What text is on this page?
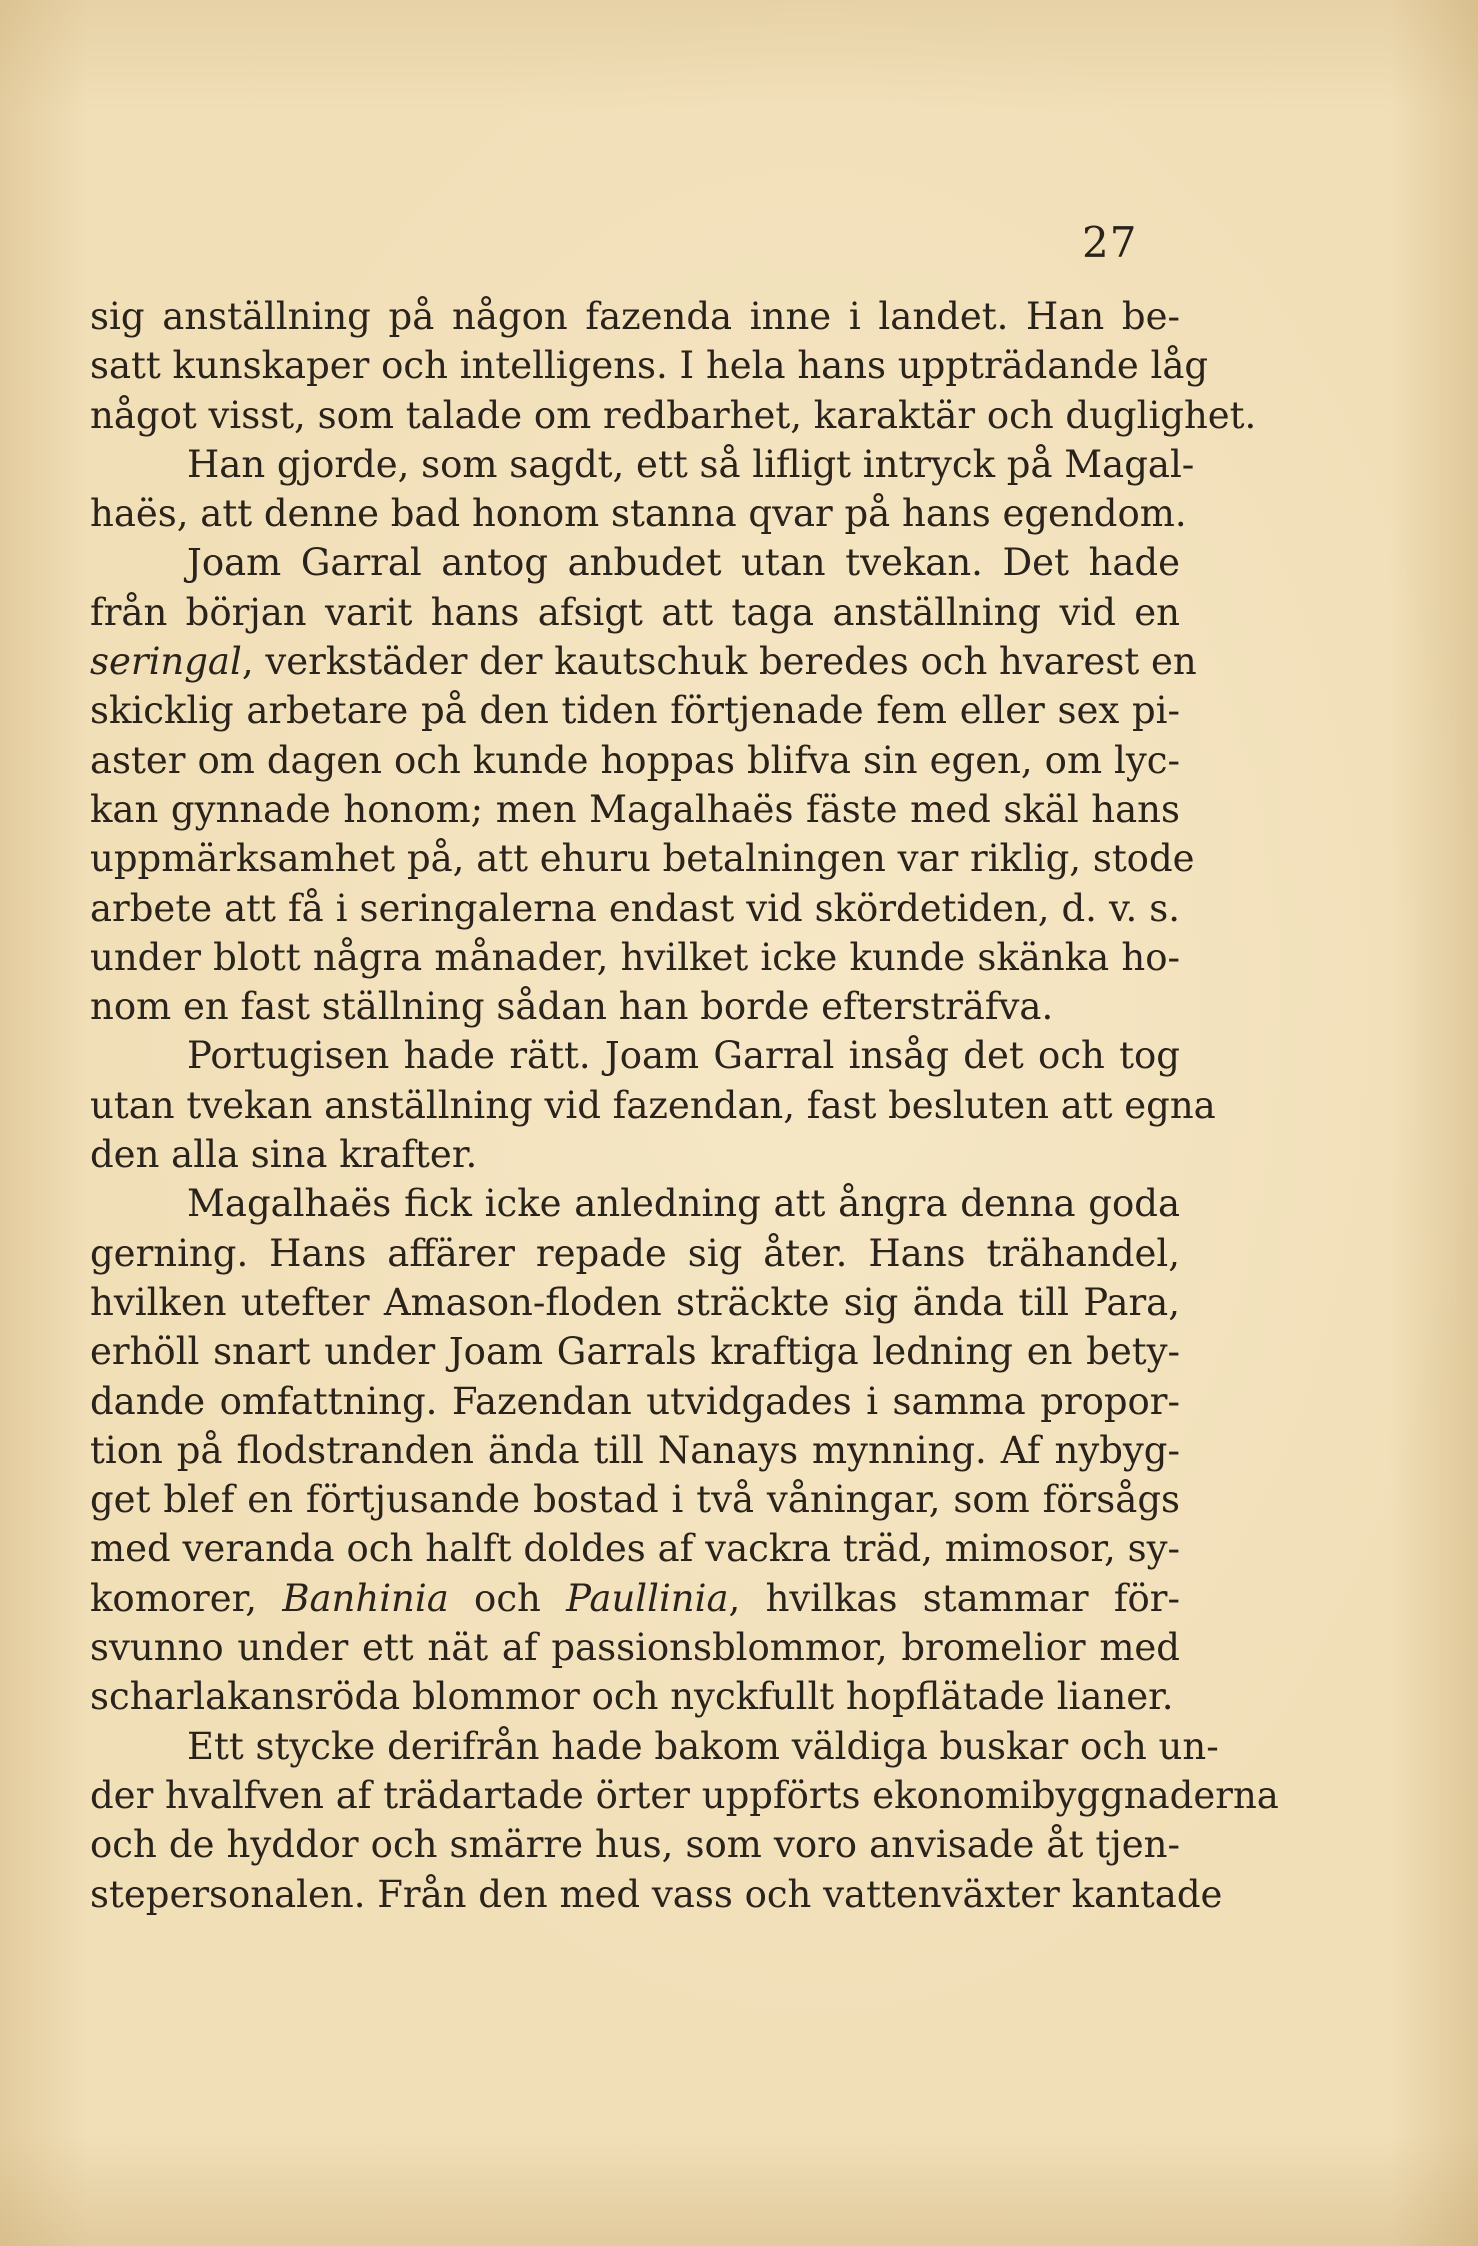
27
sig anställning på någon fazenda inne i landet. Han be-
satt kunskaper och intelligens. I hela hans uppträdande låg
något visst, som talade om redbarhet, karaktär och duglighet.
Han gjorde, som sagdt, ett så lifligt intryck på Magal-
haës, att denne bad honom stanna qvar på hans egendom.
Joam Garral antog anbudet utan tvekan. Det hade
från början varit hans afsigt att taga anställning vid en
seringal, verkstäder der kautschuk beredes och hvarest en
skicklig arbetare på den tiden förtjenade fem eller sex pi-
aster om dagen och kunde hoppas blifva sin egen, om lyc-
kan gynnade honom; men Magalhaës fäste med skäl hans
uppmärksamhet på, att ehuru betalningen var riklig, stode
arbete att få i seringalerna endast vid skördetiden, d. v. s.
under blott några månader, hvilket icke kunde skänka ho-
nom en fast ställning sådan han borde eftersträfva.
Portugisen hade rätt. Joam Garral insåg det och tog
utan tvekan anställning vid fazendan, fast besluten att egna
den alla sina krafter.
Magalhaës fick icke anledning att ångra denna goda
gerning. Hans affärer repade sig åter. Hans trähandel,
hvilken utefter Amason-floden sträckte sig ända till Para,
erhöll snart under Joam Garrals kraftiga ledning en bety-
dande omfattning. Fazendan utvidgades i samma propor-
tion på flodstranden ända till Nanays mynning. Af nybyg-
get blef en förtjusande bostad i två våningar, som försågs
med veranda och halft doldes af vackra träd, mimosor, sy-
komorer, Banhinia och Paullinia, hvilkas stammar för-
svunno under ett nät af passionsblommor, bromelior med
scharlakansröda blommor och nyckfullt hopflätade lianer.
Ett stycke derifrån hade bakom väldiga buskar och un-
der hvalfven af trädartade örter uppförts ekonomibyggnaderna
och de hyddor och smärre hus, som voro anvisade åt tjen-
stepersonalen. Från den med vass och vattenväxter kantade
